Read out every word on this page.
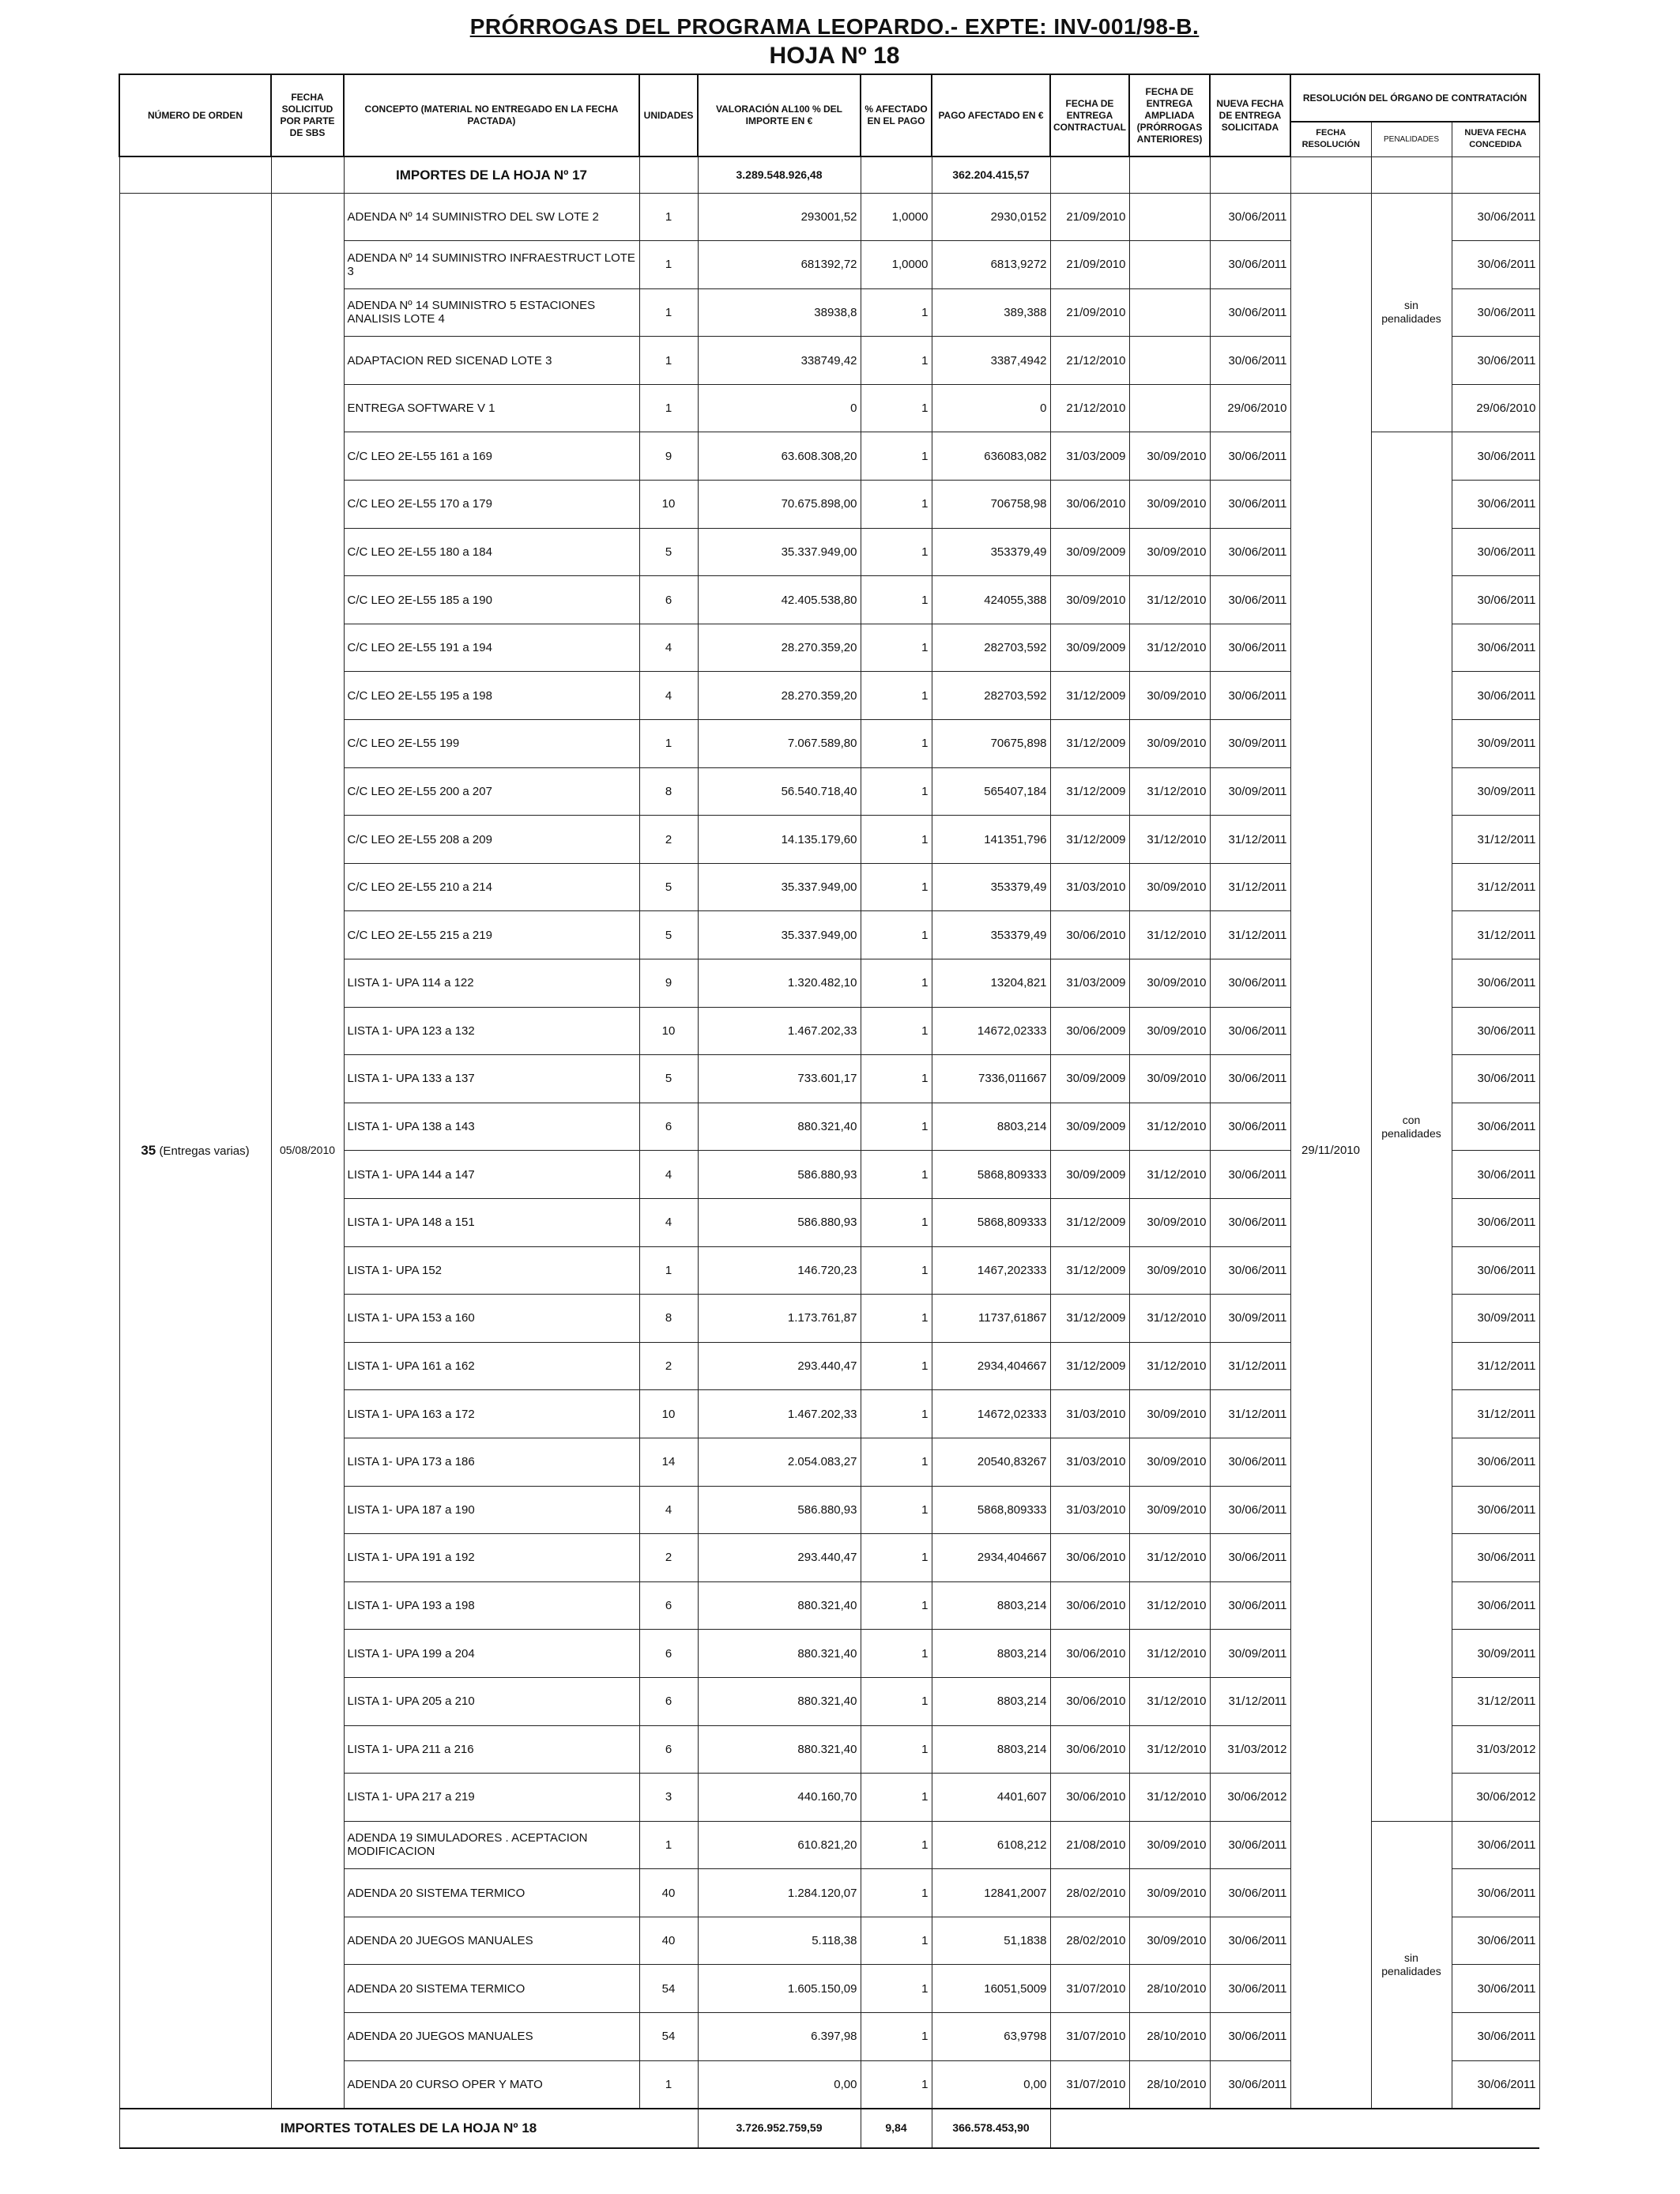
PRÓRROGAS DEL PROGRAMA LEOPARDO.- EXPTE: INV-001/98-B.
HOJA Nº 18
NÚMERO DE ORDEN	FECHA SOLICITUD POR PARTE DE SBS	CONCEPTO (MATERIAL NO ENTREGADO EN LA FECHA PACTADA)	UNIDADES	VALORACIÓN AL100 % DEL IMPORTE EN €	% AFECTADO EN EL PAGO	PAGO AFECTADO EN €	FECHA DE ENTREGA CONTRACTUAL	FECHA DE ENTREGA AMPLIADA (PRÓRROGAS ANTERIORES)	NUEVA FECHA DE ENTREGA SOLICITADA	RESOLUCIÓN DEL ÓRGANO DE CONTRATACIÓN		
										FECHA RESOLUCIÓN	PENALIDADES	NUEVA FECHA CONCEDIDA
		IMPORTES DE LA HOJA Nº 17		3.289.548.926,48		362.204.415,57						
35 (Entregas varias)	05/08/2010	ADENDA Nº 14 SUMINISTRO DEL SW LOTE 2	1	293001,52	1,0000	2930,0152	21/09/2010		30/06/2011	29/11/2010	sin penalidades	30/06/2011
		ADENDA Nº 14 SUMINISTRO INFRAESTRUCT LOTE 3	1	681392,72	1,0000	6813,9272	21/09/2010		30/06/2011			30/06/2011
		ADENDA Nº 14 SUMINISTRO 5 ESTACIONES ANALISIS LOTE 4	1	38938,8	1	389,388	21/09/2010		30/06/2011			30/06/2011
		ADAPTACION RED SICENAD LOTE 3	1	338749,42	1	3387,4942	21/12/2010		30/06/2011			30/06/2011
		ENTREGA SOFTWARE V 1	1	0	1	0	21/12/2010		29/06/2010			29/06/2010
		C/C LEO 2E-L55 161 a 169	9	63.608.308,20	1	636083,082	31/03/2009	30/09/2010	30/06/2011		con penalidades	30/06/2011
		C/C LEO 2E-L55 170 a 179	10	70.675.898,00	1	706758,98	30/06/2010	30/09/2010	30/06/2011			30/06/2011
		C/C LEO 2E-L55 180 a 184	5	35.337.949,00	1	353379,49	30/09/2009	30/09/2010	30/06/2011			30/06/2011
		C/C LEO 2E-L55 185 a 190	6	42.405.538,80	1	424055,388	30/09/2010	31/12/2010	30/06/2011			30/06/2011
		C/C LEO 2E-L55 191 a 194	4	28.270.359,20	1	282703,592	30/09/2009	31/12/2010	30/06/2011			30/06/2011
		C/C LEO 2E-L55 195 a 198	4	28.270.359,20	1	282703,592	31/12/2009	30/09/2010	30/06/2011			30/06/2011
		C/C LEO 2E-L55 199	1	7.067.589,80	1	70675,898	31/12/2009	30/09/2010	30/09/2011			30/09/2011
		C/C LEO 2E-L55 200 a 207	8	56.540.718,40	1	565407,184	31/12/2009	31/12/2010	30/09/2011			30/09/2011
		C/C LEO 2E-L55 208 a 209	2	14.135.179,60	1	141351,796	31/12/2009	31/12/2010	31/12/2011			31/12/2011
		C/C LEO 2E-L55 210 a 214	5	35.337.949,00	1	353379,49	31/03/2010	30/09/2010	31/12/2011			31/12/2011
		C/C LEO 2E-L55 215 a 219	5	35.337.949,00	1	353379,49	30/06/2010	31/12/2010	31/12/2011			31/12/2011
		LISTA 1- UPA 114 a 122	9	1.320.482,10	1	13204,821	31/03/2009	30/09/2010	30/06/2011			30/06/2011
		LISTA 1- UPA 123 a 132	10	1.467.202,33	1	14672,02333	30/06/2009	30/09/2010	30/06/2011			30/06/2011
		LISTA 1- UPA 133 a 137	5	733.601,17	1	7336,011667	30/09/2009	30/09/2010	30/06/2011			30/06/2011
		LISTA 1- UPA 138 a 143	6	880.321,40	1	8803,214	30/09/2009	31/12/2010	30/06/2011			30/06/2011
		LISTA 1- UPA 144 a 147	4	586.880,93	1	5868,809333	30/09/2009	31/12/2010	30/06/2011			30/06/2011
		LISTA 1- UPA 148 a 151	4	586.880,93	1	5868,809333	31/12/2009	30/09/2010	30/06/2011			30/06/2011
		LISTA 1- UPA 152	1	146.720,23	1	1467,202333	31/12/2009	30/09/2010	30/06/2011			30/06/2011
		LISTA 1- UPA 153 a 160	8	1.173.761,87	1	11737,61867	31/12/2009	31/12/2010	30/09/2011			30/09/2011
		LISTA 1- UPA 161 a 162	2	293.440,47	1	2934,404667	31/12/2009	31/12/2010	31/12/2011			31/12/2011
		LISTA 1- UPA 163 a 172	10	1.467.202,33	1	14672,02333	31/03/2010	30/09/2010	31/12/2011			31/12/2011
		LISTA 1- UPA 173 a 186	14	2.054.083,27	1	20540,83267	31/03/2010	30/09/2010	30/06/2011			30/06/2011
		LISTA 1- UPA 187 a 190	4	586.880,93	1	5868,809333	31/03/2010	30/09/2010	30/06/2011			30/06/2011
		LISTA 1- UPA 191 a 192	2	293.440,47	1	2934,404667	30/06/2010	31/12/2010	30/06/2011			30/06/2011
		LISTA 1- UPA 193 a 198	6	880.321,40	1	8803,214	30/06/2010	31/12/2010	30/06/2011			30/06/2011
		LISTA 1- UPA 199 a 204	6	880.321,40	1	8803,214	30/06/2010	31/12/2010	30/09/2011			30/09/2011
		LISTA 1- UPA 205 a 210	6	880.321,40	1	8803,214	30/06/2010	31/12/2010	31/12/2011			31/12/2011
		LISTA 1- UPA 211 a 216	6	880.321,40	1	8803,214	30/06/2010	31/12/2010	31/03/2012			31/03/2012
		LISTA 1- UPA 217 a 219	3	440.160,70	1	4401,607	30/06/2010	31/12/2010	30/06/2012			30/06/2012
		ADENDA 19 SIMULADORES . ACEPTACION MODIFICACION	1	610.821,20	1	6108,212	21/08/2010	30/09/2010	30/06/2011		sin penalidades	30/06/2011
		ADENDA 20 SISTEMA TERMICO	40	1.284.120,07	1	12841,2007	28/02/2010	30/09/2010	30/06/2011			30/06/2011
		ADENDA 20 JUEGOS MANUALES	40	5.118,38	1	51,1838	28/02/2010	30/09/2010	30/06/2011			30/06/2011
		ADENDA 20 SISTEMA TERMICO	54	1.605.150,09	1	16051,5009	31/07/2010	28/10/2010	30/06/2011			30/06/2011
		ADENDA 20 JUEGOS MANUALES	54	6.397,98	1	63,9798	31/07/2010	28/10/2010	30/06/2011			30/06/2011
		ADENDA 20 CURSO OPER Y MATO	1	0,00	1	0,00	31/07/2010	28/10/2010	30/06/2011			30/06/2011
IMPORTES TOTALES DE LA HOJA Nº 18				3.726.952.759,59	9,84	366.578.453,90						
